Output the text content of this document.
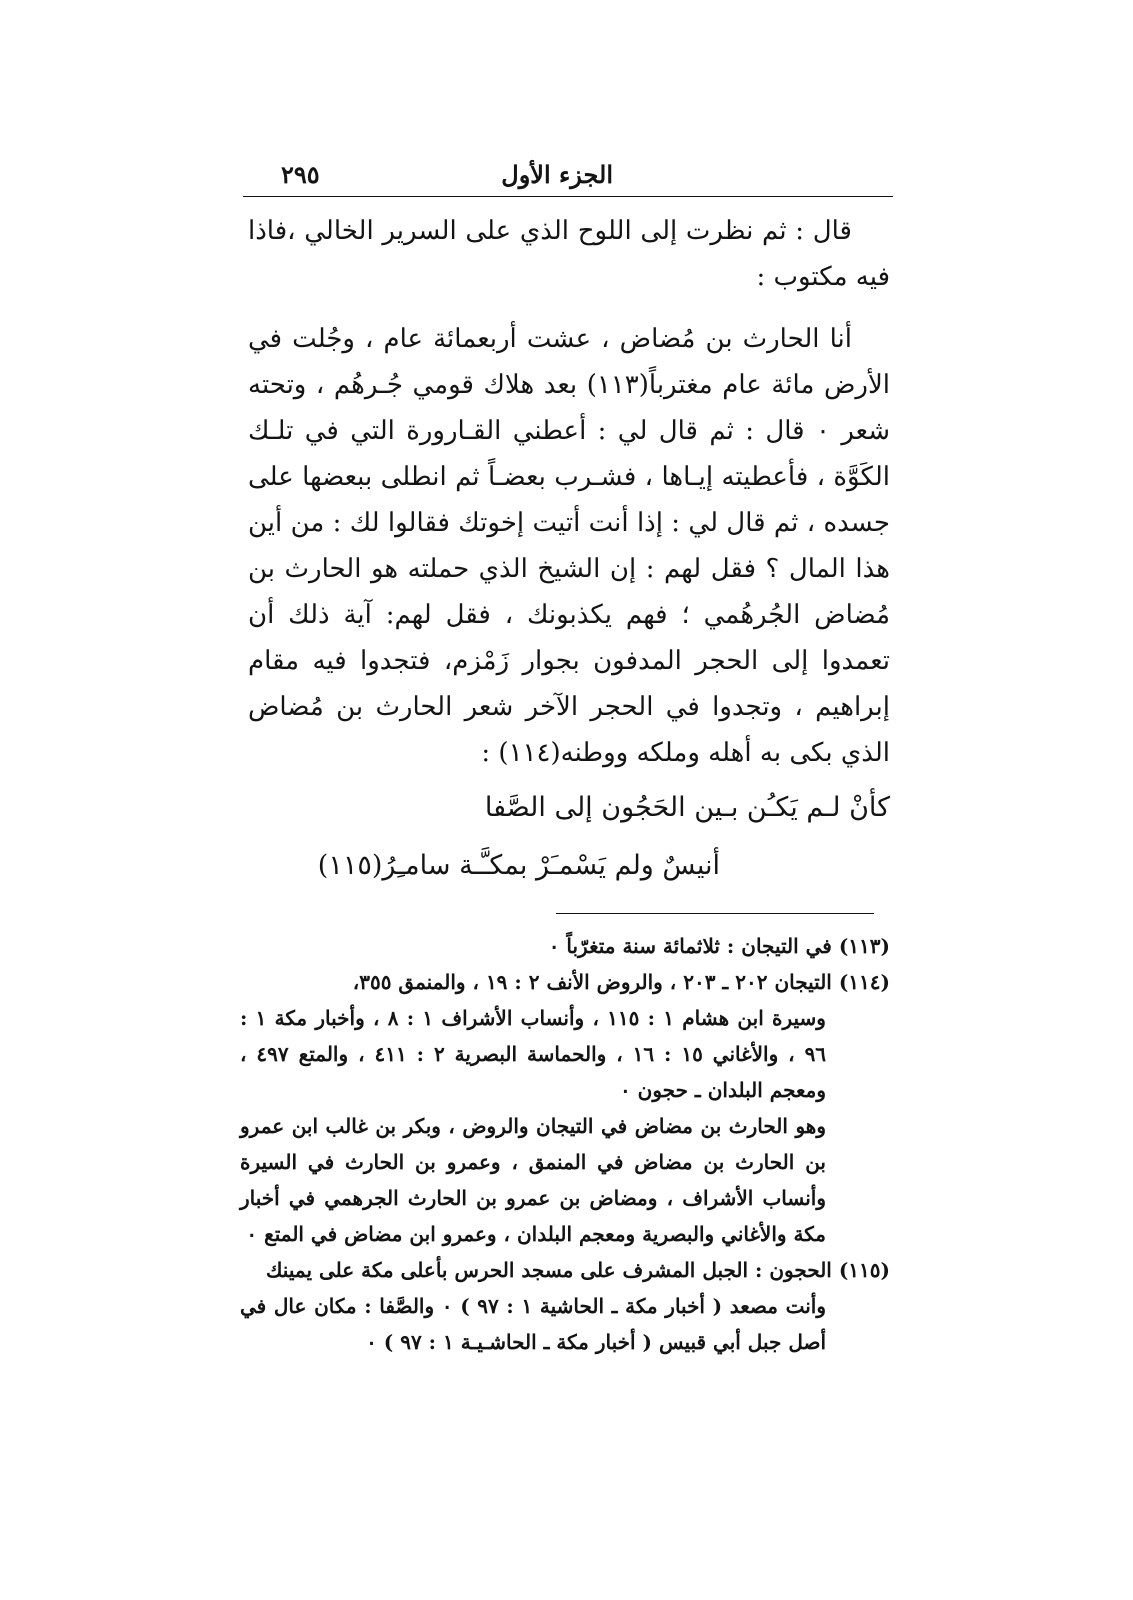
الجزء الأول
٢٩٥

قال : ثم نظرت إلى اللوح الذي على السرير الخالي ،فاذا فيه مكتوب :

أنا الحارث بن مُضاض ، عشت أربعمائة عام ، وجُلت في الأرض مائة عام مغترباً(١١٣) بعد هلاك قومي جُـرهُم ، وتحته شعر ۰ قال : ثم قال لي : أعطني القـارورة التي في تلـك الكَوَّة ، فأعطيته إيـاها ، فشـرب بعضـاً ثم انطلى ببعضها على جسده ، ثم قال لي : إذا أنت أتيت إخوتك فقالوا لك : من أين هذا المال ؟ فقل لهم : إن الشيخ الذي حملته هو الحارث بن مُضاض الجُرهُمي ؛ فهم يكذبونك ، فقل لهم: آية ذلك أن تعمدوا إلى الحجر المدفون بجوار زَمْزم، فتجدوا فيه مقام إبراهيم ، وتجدوا في الحجر الآخر شعر الحارث بن مُضاض الذي بكى به أهله وملكه ووطنه(١١٤) :

كأنْ لـم يَكـُن بـين الحَجُون إلى الصَّفا
أنيسٌ ولم يَسْمـَرْ بمكـَّـة سامـِرُ(١١٥)

(١١٣) في التيجان : ثلاثمائة سنة متغرّباً ۰

(١١٤) التيجان ٢٠٢ ـ ٢٠٣ ، والروض الأنف ٢ : ١٩ ، والمنمق ٣٥٥،

وسيرة ابن هشام ١ : ١١٥ ، وأنساب الأشراف ١ : ٨ ، وأخبار مكة ١ : ٩٦ ، والأغاني ١٥ : ١٦ ، والحماسة البصرية ٢ : ٤١١ ، والمتع ٤٩٧ ، ومعجم البلدان ـ حجون ۰

وهو الحارث بن مضاض في التيجان والروض ، وبكر بن غالب ابن عمرو بن الحارث بن مضاض في المنمق ، وعمرو بن الحارث في السيرة وأنساب الأشراف ، ومضاض بن عمرو بن الحارث الجرهمي في أخبار مكة والأغاني والبصرية ومعجم البلدان ، وعمرو ابن مضاض في المتع ۰

(١١٥) الحجون : الجبل المشرف على مسجد الحرس بأعلى مكة على يمينك

وأنت مصعد ( أخبار مكة ـ الحاشية ١ : ٩٧ ) ۰ والصَّفا : مكان عال في أصل جبل أبي قبيس ( أخبار مكة ـ الحاشـيـة ١ : ٩٧ ) ۰
